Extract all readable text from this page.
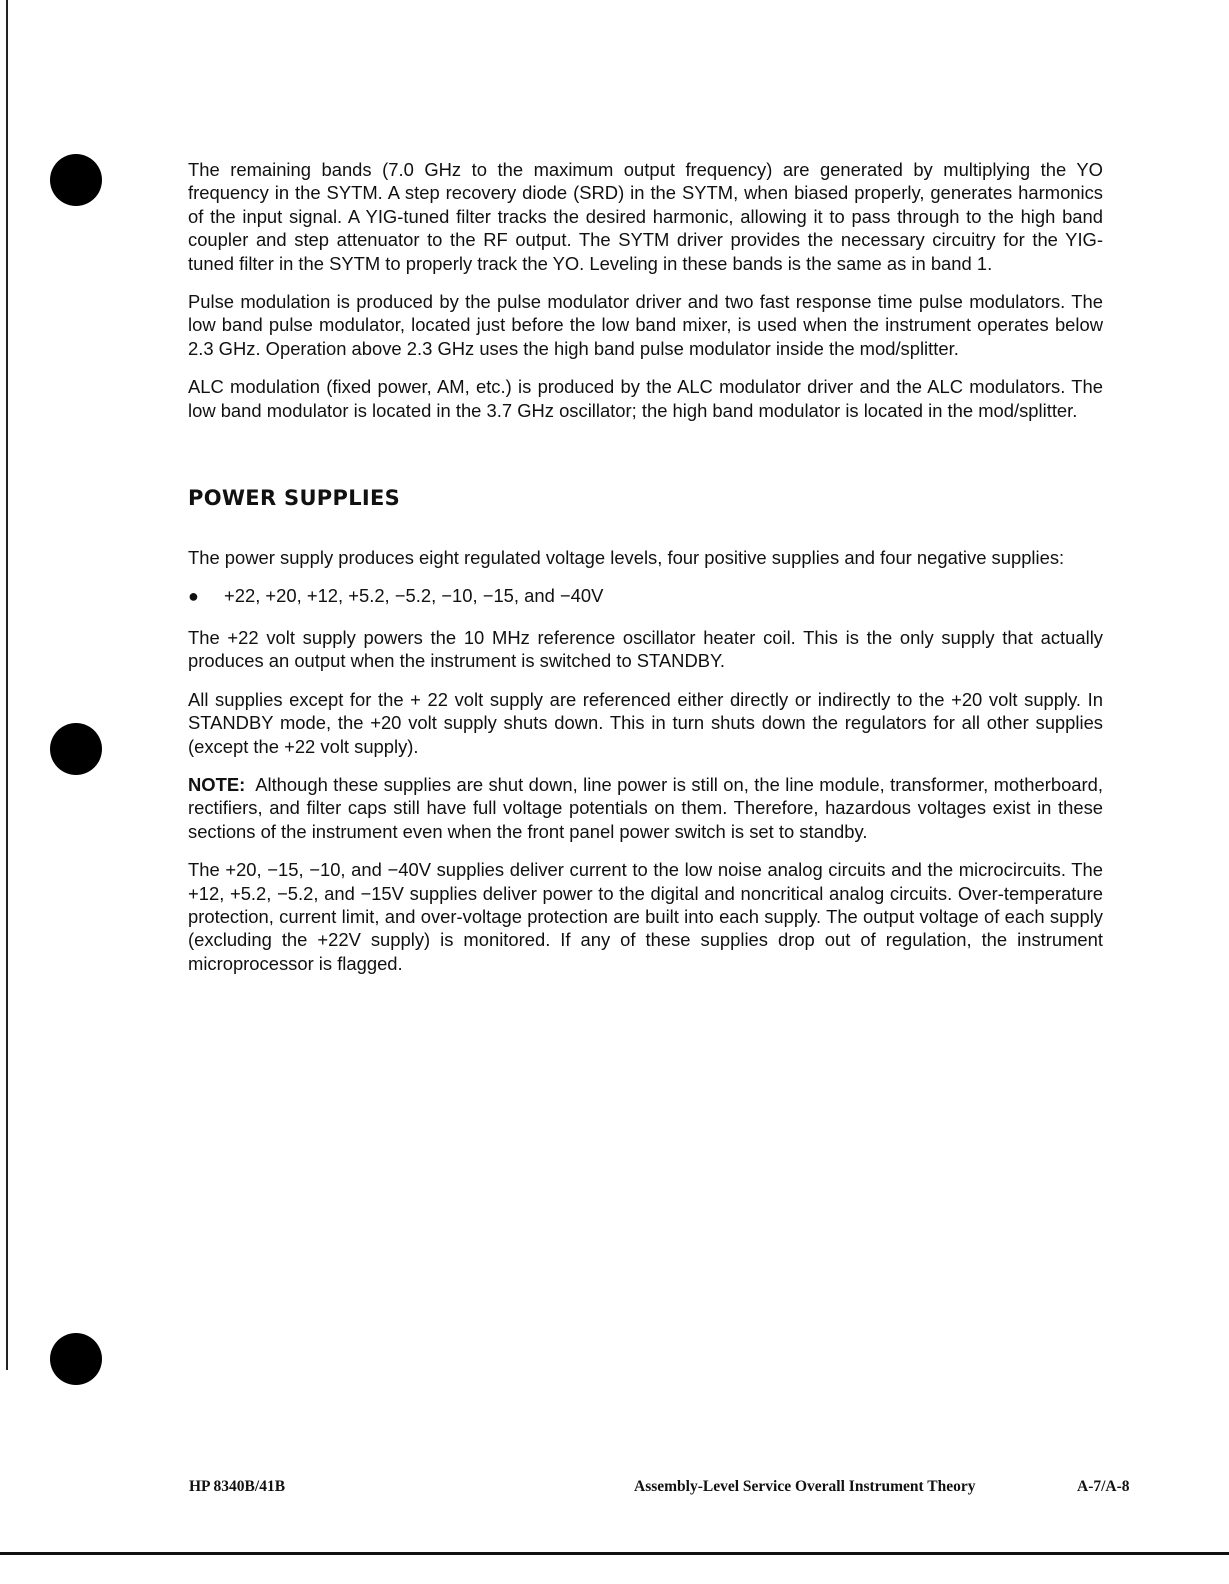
The remaining bands (7.0 GHz to the maximum output frequency) are generated by multiplying the YO frequency in the SYTM. A step recovery diode (SRD) in the SYTM, when biased properly, generates harmonics of the input signal. A YIG-tuned filter tracks the desired harmonic, allowing it to pass through to the high band coupler and step attenuator to the RF output. The SYTM driver provides the necessary circuitry for the YIG-tuned filter in the SYTM to properly track the YO. Leveling in these bands is the same as in band 1.

Pulse modulation is produced by the pulse modulator driver and two fast response time pulse modulators. The low band pulse modulator, located just before the low band mixer, is used when the instrument operates below 2.3 GHz. Operation above 2.3 GHz uses the high band pulse modulator inside the mod/splitter.

ALC modulation (fixed power, AM, etc.) is produced by the ALC modulator driver and the ALC modulators. The low band modulator is located in the 3.7 GHz oscillator; the high band modulator is located in the mod/splitter.

POWER SUPPLIES

The power supply produces eight regulated voltage levels, four positive supplies and four negative supplies:

●	+22, +20, +12, +5.2, −5.2, −10, −15, and −40V

The +22 volt supply powers the 10 MHz reference oscillator heater coil. This is the only supply that actually produces an output when the instrument is switched to STANDBY.

All supplies except for the + 22 volt supply are referenced either directly or indirectly to the +20 volt supply. In STANDBY mode, the +20 volt supply shuts down. This in turn shuts down the regulators for all other supplies (except the +22 volt supply).

NOTE: Although these supplies are shut down, line power is still on, the line module, transformer, motherboard, rectifiers, and filter caps still have full voltage potentials on them. Therefore, hazardous voltages exist in these sections of the instrument even when the front panel power switch is set to standby.

The +20, −15, −10, and −40V supplies deliver current to the low noise analog circuits and the microcircuits. The +12, +5.2, −5.2, and −15V supplies deliver power to the digital and noncritical analog circuits. Over-temperature protection, current limit, and over-voltage protection are built into each supply. The output voltage of each supply (excluding the +22V supply) is monitored. If any of these supplies drop out of regulation, the instrument microprocessor is flagged.

HP 8340B/41B	Assembly-Level Service Overall Instrument Theory	A-7/A-8
